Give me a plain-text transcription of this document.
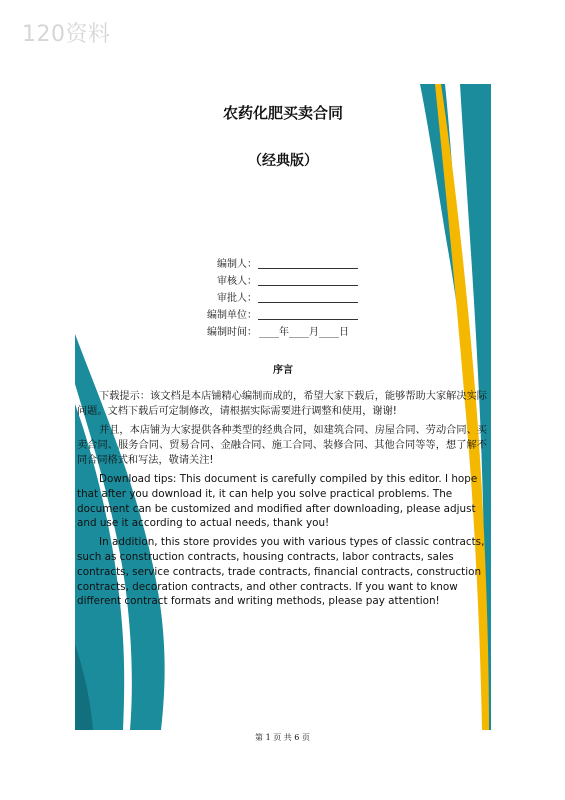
120资料
农药化肥买卖合同
（经典版）
编制人：
审核人：
审批人：
编制单位：
编制时间： ____年____月____日
序言

下载提示：该文档是本店铺精心编制而成的，希望大家下载后，能够帮助大家解决实际问题。文档下载后可定制修改，请根据实际需要进行调整和使用，谢谢!

并且，本店铺为大家提供各种类型的经典合同，如建筑合同、房屋合同、劳动合同、买卖合同、服务合同、贸易合同、金融合同、施工合同、装修合同、其他合同等等，想了解不同合同格式和写法，敬请关注!

Download tips: This document is carefully compiled by this editor. I hope that after you download it, it can help you solve practical problems. The document can be customized and modified after downloading, please adjust and use it according to actual needs, thank you!

In addition, this store provides you with various types of classic contracts, such as construction contracts, housing contracts, labor contracts, sales contracts, service contracts, trade contracts, financial contracts, construction contracts, decoration contracts, and other contracts. If you want to know different contract formats and writing methods, please pay attention!

第 1 页 共 6 页
